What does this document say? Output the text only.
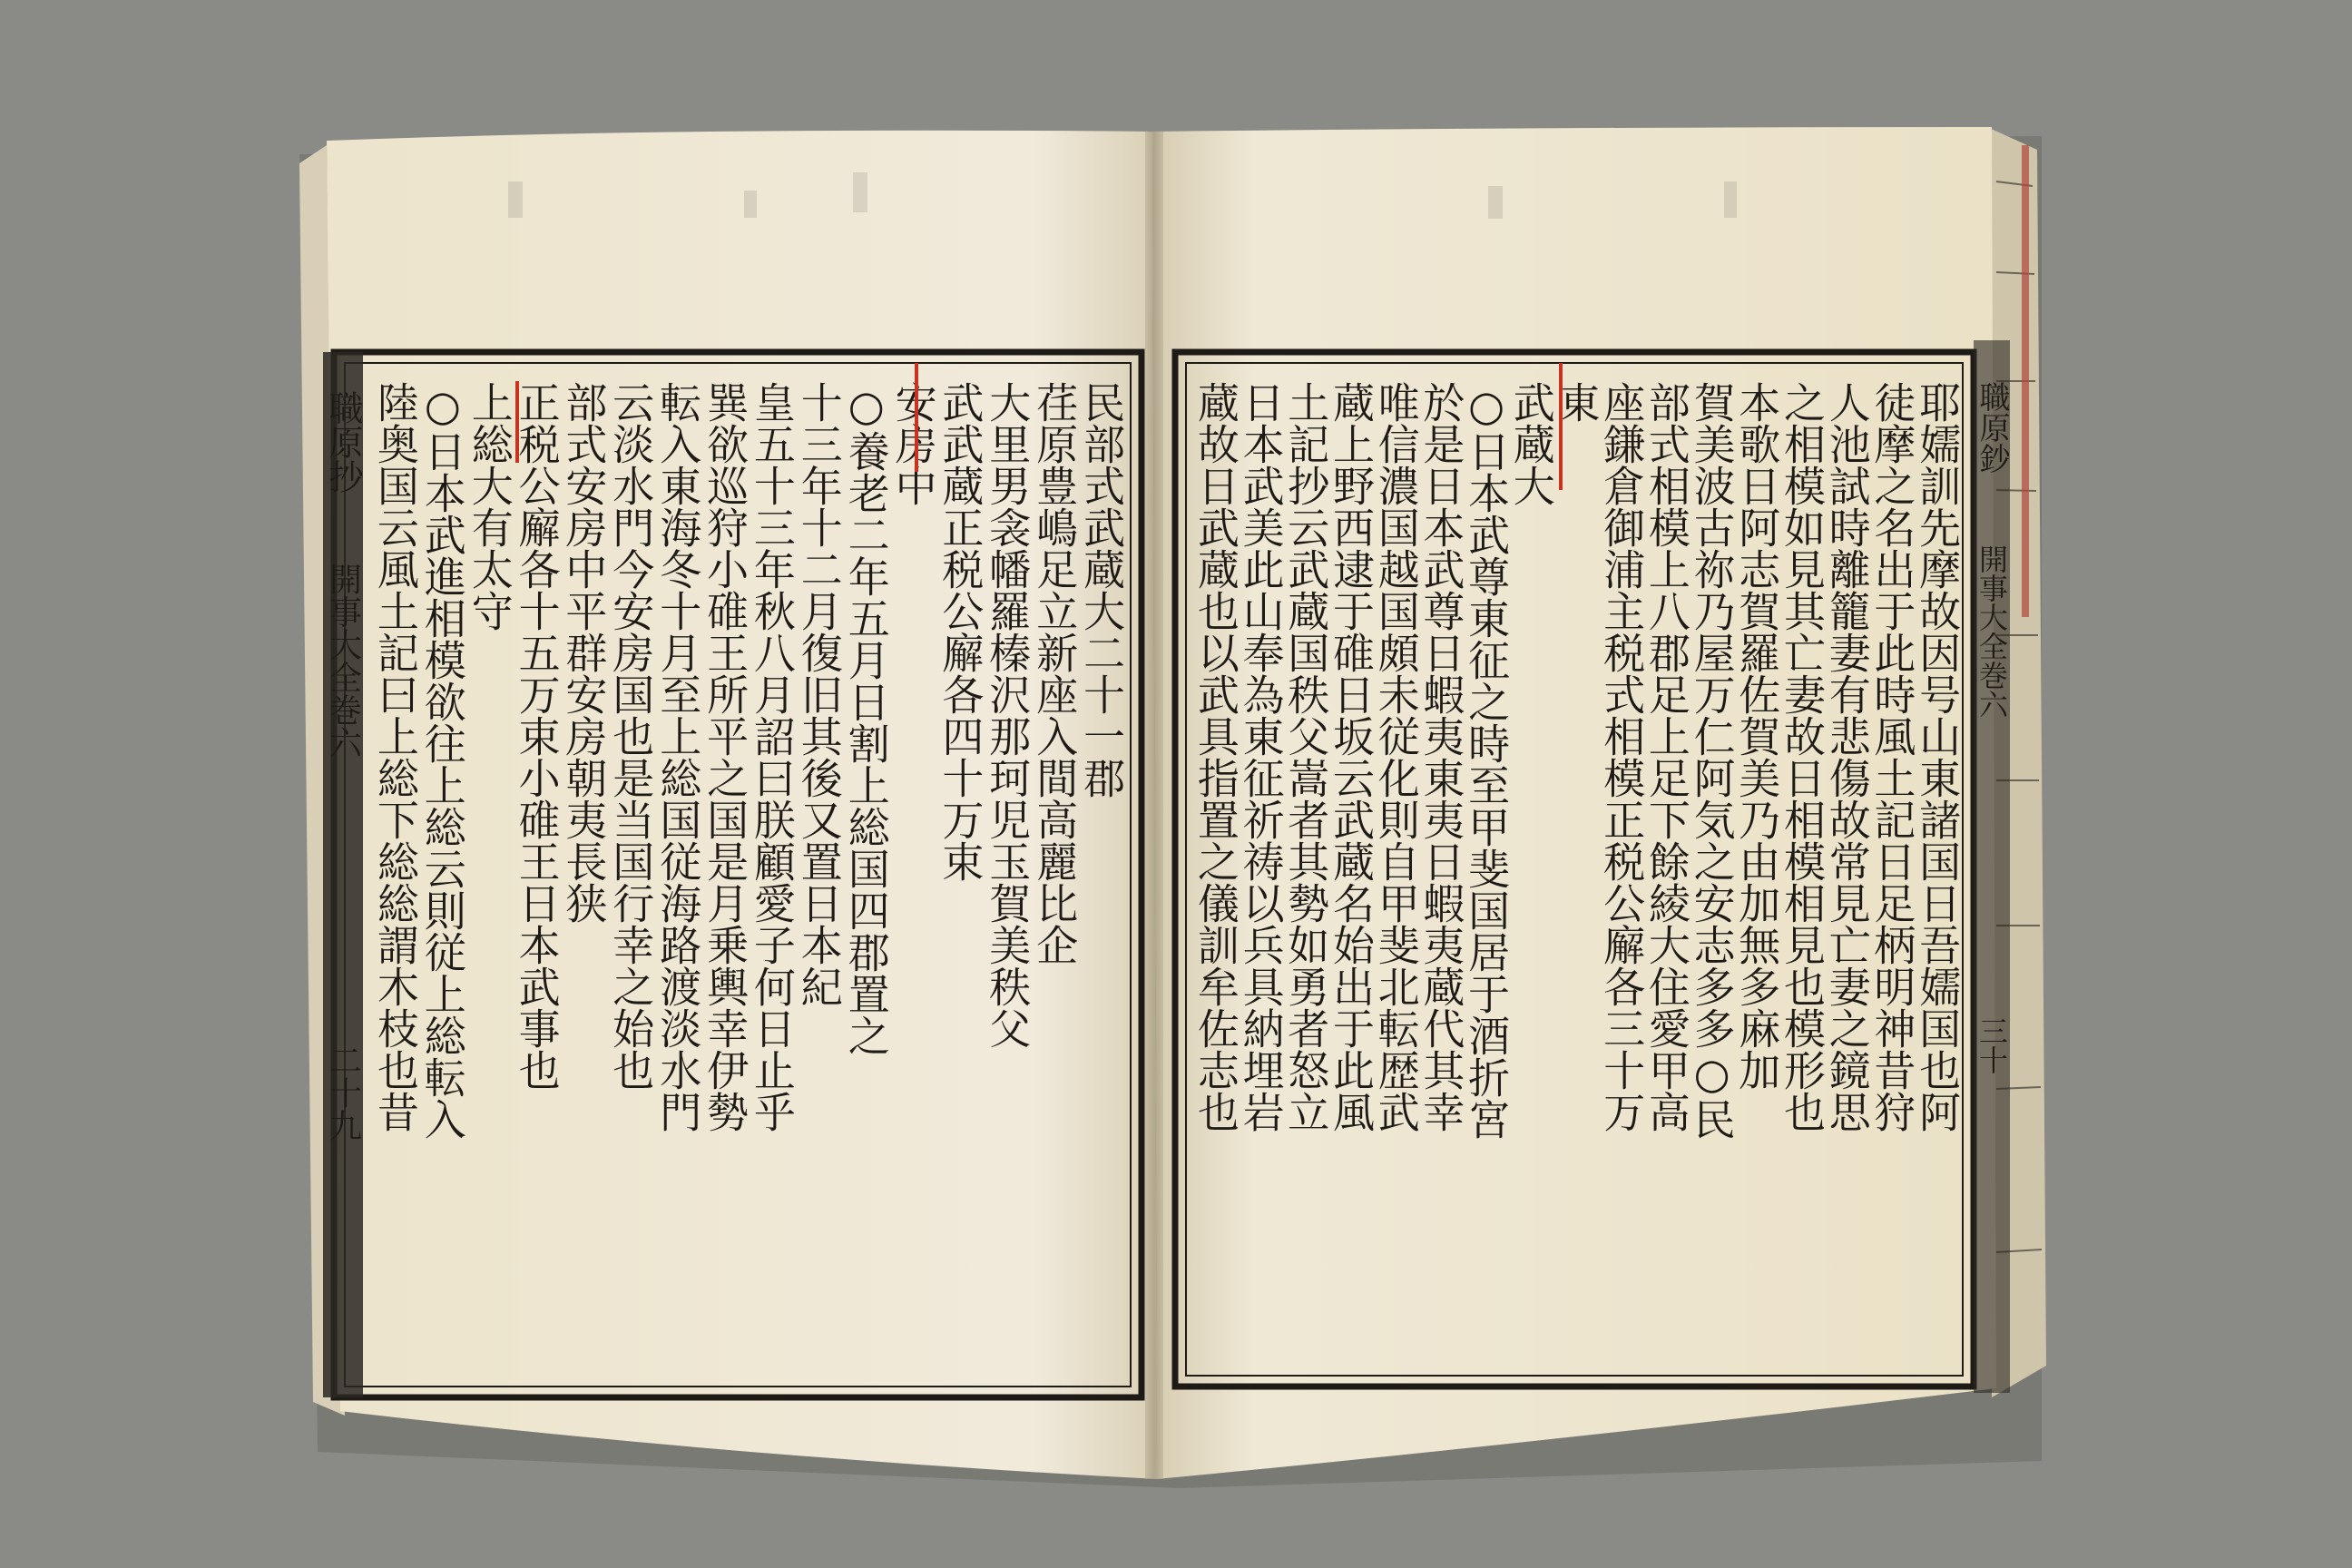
職原抄
開事大全巻六
二十九
職原鈔
開事大全巻六
三十
民部式武蔵大二十一郡
荏原豊嶋足立新座入間高麗比企
大里男衾幡羅榛沢那珂児玉賀美秩父
武武蔵正税公廨各四十万束
安房中
○養老二年五月日割上総国四郡置之
十三年十二月復旧其後又置日本紀
皇五十三年秋八月詔曰朕顧愛子何日止乎
巽欲巡狩小碓王所平之国是月乗輿幸伊勢
転入東海冬十月至上総国従海路渡淡水門
云淡水門今安房国也是当国行幸之始也
部式安房中平群安房朝夷長狭
正税公廨各十五万束小碓王日本武事也
上総大有太守
○日本武進相模欲往上総云則従上総転入
陸奥国云風土記曰上総下総総謂木枝也昔	耶嬬訓先摩故因号山東諸国日吾嬬国也阿
徒摩之名出于此時風土記日足柄明神昔狩
人池試時離籠妻有悲傷故常見亡妻之鏡思
之相模如見其亡妻故日相模相見也模形也
本歌日阿志賀羅佐賀美乃由加無多麻加
賀美波古祢乃屋万仁阿気之安志多多○民
部式相模上八郡足上足下餘綾大住愛甲高
座鎌倉御浦主税式相模正税公廨各三十万
東
武蔵大
○日本武尊東征之時至甲斐国居于酒折宮
於是日本武尊日蝦夷東夷日蝦夷蔵代其幸
唯信濃国越国頗未従化則自甲斐北転歴武
蔵上野西逮于碓日坂云武蔵名始出于此風
土記抄云武蔵国秩父嵩者其勢如勇者怒立
日本武美此山奉為東征祈祷以兵具納埋岩
蔵故日武蔵也以武具指置之儀訓牟佐志也
